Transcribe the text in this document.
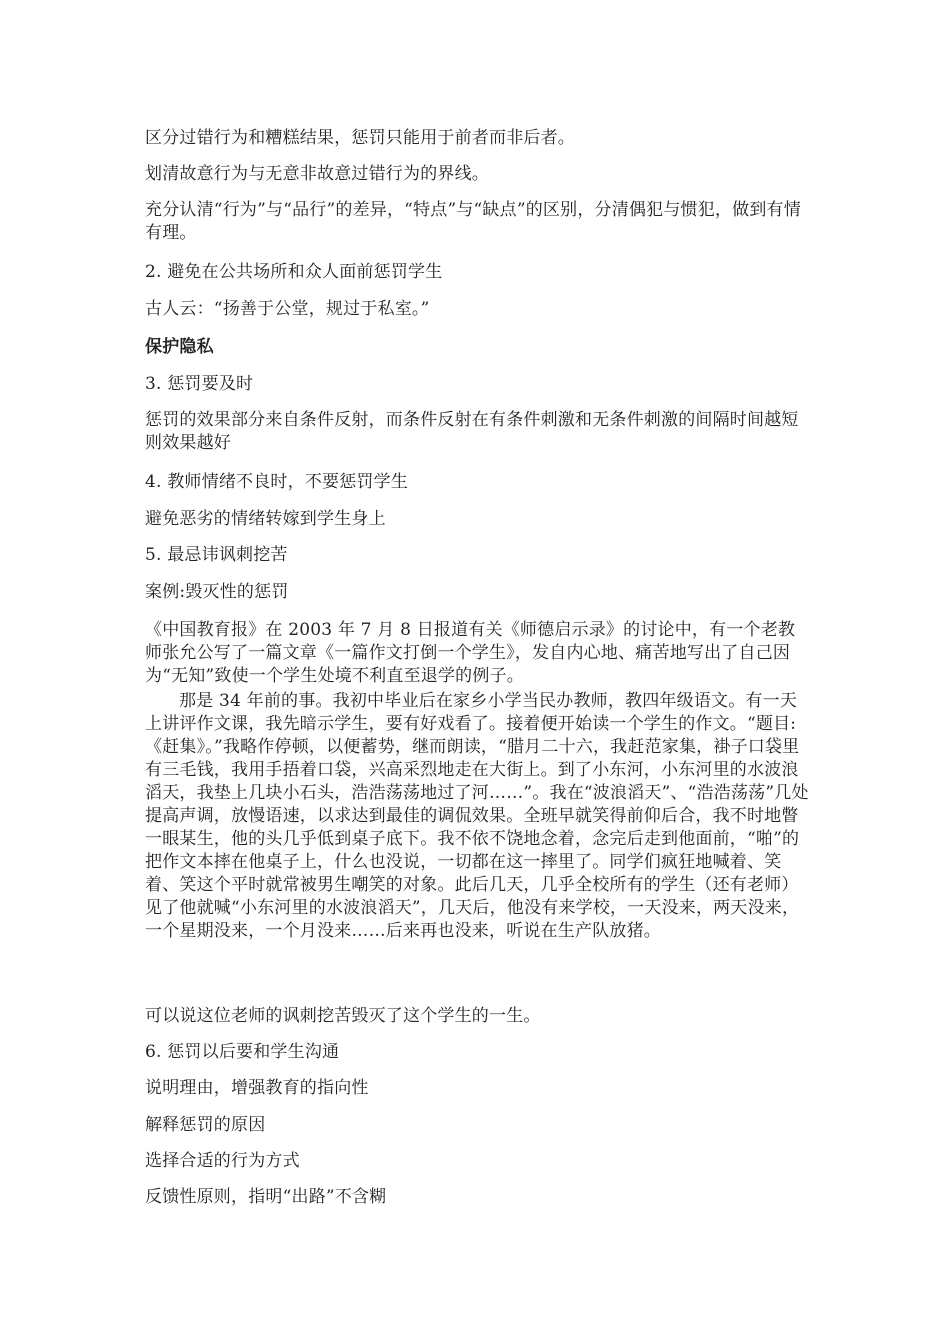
区分过错行为和糟糕结果，惩罚只能用于前者而非后者。

划清故意行为与无意非故意过错行为的界线。

充分认清“行为”与“品行”的差异，“特点”与“缺点”的区别，分清偶犯与惯犯，做到有情有理。

2. 避免在公共场所和众人面前惩罚学生

古人云：“扬善于公堂，规过于私室。”

保护隐私

3. 惩罚要及时

惩罚的效果部分来自条件反射，而条件反射在有条件刺激和无条件刺激的间隔时间越短则效果越好

4. 教师情绪不良时，不要惩罚学生

避免恶劣的情绪转嫁到学生身上

5. 最忌讳讽刺挖苦

案例:毁灭性的惩罚

《中国教育报》在 2003 年 7 月 8 日报道有关《师德启示录》的讨论中，有一个老教师张允公写了一篇文章《一篇作文打倒一个学生》，发自内心地、痛苦地写出了自己因为“无知”致使一个学生处境不利直至退学的例子。

那是 34 年前的事。我初中毕业后在家乡小学当民办教师，教四年级语文。有一天上讲评作文课，我先暗示学生，要有好戏看了。接着便开始读一个学生的作文。“题目:《赶集》。”我略作停顿，以便蓄势，继而朗读，“腊月二十六，我赶范家集，褂子口袋里有三毛钱，我用手捂着口袋，兴高采烈地走在大街上。到了小东河，小东河里的水波浪滔天，我垫上几块小石头，浩浩荡荡地过了河……”。我在“波浪滔天”、“浩浩荡荡”几处提高声调，放慢语速，以求达到最佳的调侃效果。全班早就笑得前仰后合，我不时地瞥一眼某生，他的头几乎低到桌子底下。我不依不饶地念着，念完后走到他面前，“啪”的把作文本摔在他桌子上，什么也没说，一切都在这一摔里了。同学们疯狂地喊着、笑着、笑这个平时就常被男生嘲笑的对象。此后几天，几乎全校所有的学生（还有老师）见了他就喊“小东河里的水波浪滔天”，几天后，他没有来学校，一天没来，两天没来，一个星期没来，一个月没来……后来再也没来，听说在生产队放猪。

可以说这位老师的讽刺挖苦毁灭了这个学生的一生。

6. 惩罚以后要和学生沟通

说明理由，增强教育的指向性

解释惩罚的原因

选择合适的行为方式

反馈性原则，指明“出路”不含糊
